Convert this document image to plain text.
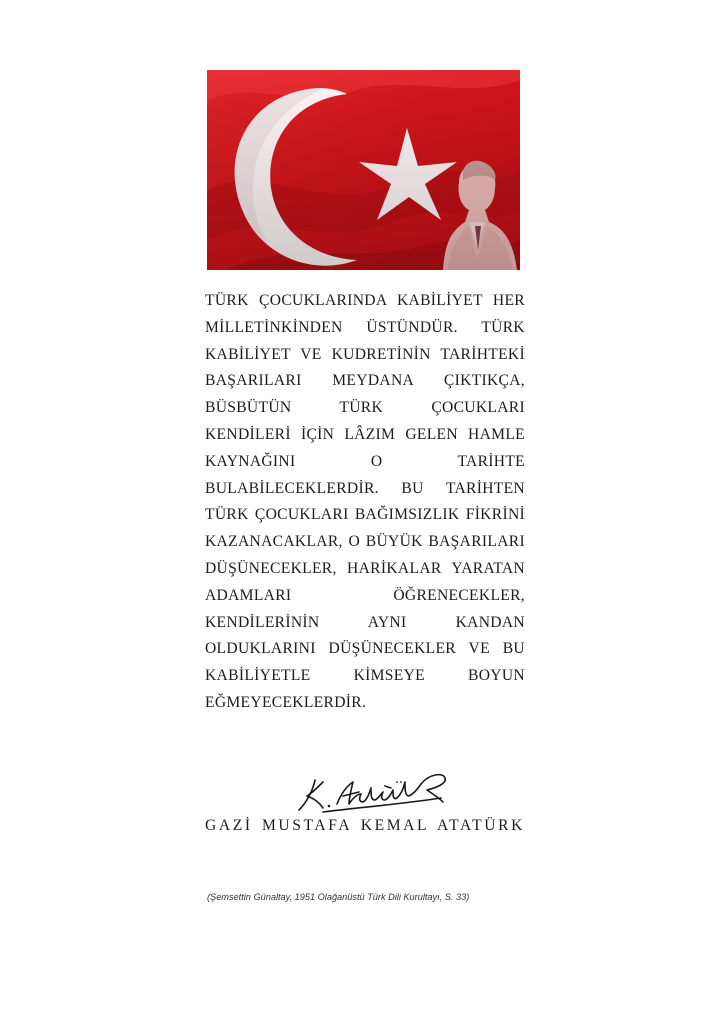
TÜRK ÇOCUKLARINDA KABİLİYET HER
MİLLETİNKİNDEN ÜSTÜNDÜR. TÜRK
KABİLİYET VE KUDRETİNİN TARİHTEKİ
BAŞARILARI MEYDANA ÇIKTIKÇA,
BÜSBÜTÜN TÜRK ÇOCUKLARI
KENDİLERİ İÇİN LÂZIM GELEN HAMLE
KAYNAĞINI O TARİHTE
BULABİLECEKLERDİR. BU TARİHTEN
TÜRK ÇOCUKLARI BAĞIMSIZLIK FİKRİNİ
KAZANACAKLAR, O BÜYÜK BAŞARILARI
DÜŞÜNECEKLER, HARİKALAR YARATAN
ADAMLARI ÖĞRENECEKLER,
KENDİLERİNİN AYNI KANDAN
OLDUKLARINI DÜŞÜNECEKLER VE BU
KABİLİYETLE KİMSEYE BOYUN
EĞMEYECEKLERDİR.
GAZİ MUSTAFA KEMAL ATATÜRK
(Şemsettin Günaltay, 1951 Olağanüstü Türk Dili Kurultayı, S. 33)
